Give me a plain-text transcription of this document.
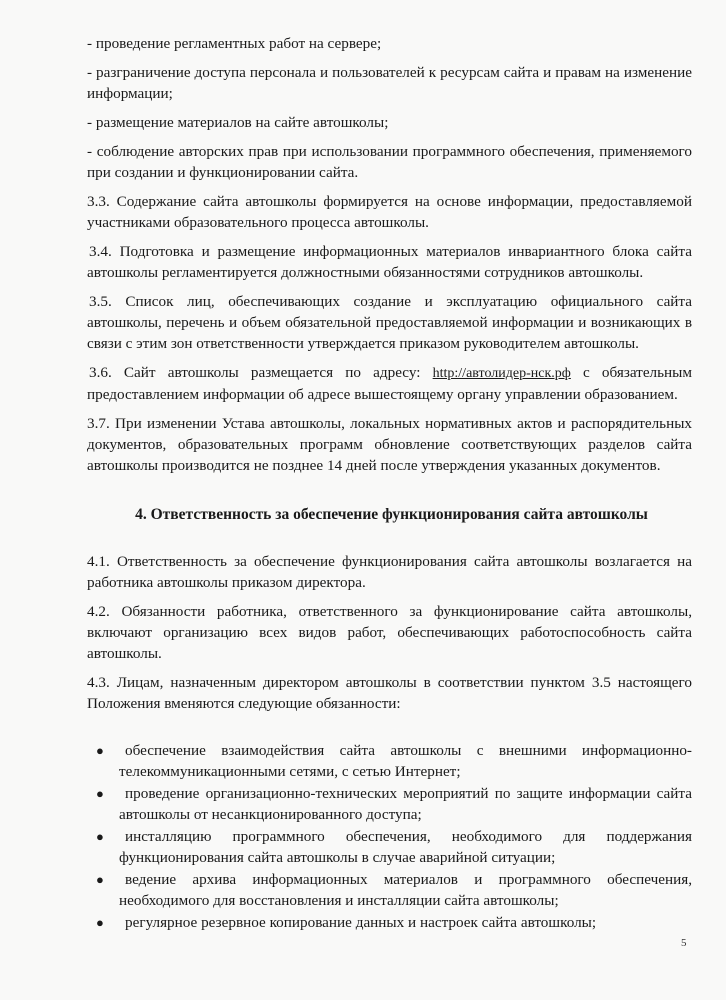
- проведение регламентных работ на сервере;

- разграничение доступа персонала и пользователей к ресурсам сайта и правам на изменение информации;

- размещение материалов на сайте автошколы;

- соблюдение авторских прав при использовании программного обеспечения, применяемого при создании и функционировании сайта.

3.3. Содержание сайта автошколы формируется на основе информации, предоставляемой участниками образовательного процесса автошколы.

3.4. Подготовка и размещение информационных материалов инвариантного блока сайта автошколы регламентируется должностными обязанностями сотрудников автошколы.

3.5. Список лиц, обеспечивающих создание и эксплуатацию официального сайта автошколы, перечень и объем обязательной предоставляемой информации и возникающих в связи с этим зон ответственности утверждается приказом руководителем автошколы.

3.6. Сайт автошколы размещается по адресу: http://автолидер-нск.рф с обязательным предоставлением информации об адресе вышестоящему органу управлении образованием.

3.7. При изменении Устава автошколы, локальных нормативных актов и распорядительных документов, образовательных программ обновление соответствующих разделов сайта автошколы производится не позднее 14 дней после утверждения указанных документов.

4. Ответственность за обеспечение функционирования сайта автошколы

4.1. Ответственность за обеспечение функционирования сайта автошколы возлагается на работника автошколы приказом директора.

4.2. Обязанности работника, ответственного за функционирование сайта автошколы, включают организацию всех видов работ, обеспечивающих работоспособность сайта автошколы.

4.3. Лицам, назначенным директором автошколы в соответствии пунктом 3.5 настоящего Положения вменяются следующие обязанности:

● обеспечение взаимодействия сайта автошколы с внешними информационно-телекоммуникационными сетями, с сетью Интернет;
● проведение организационно-технических мероприятий по защите информации сайта автошколы от несанкционированного доступа;
● инсталляцию программного обеспечения, необходимого для поддержания функционирования сайта автошколы в случае аварийной ситуации;
● ведение архива информационных материалов и программного обеспечения, необходимого для восстановления и инсталляции сайта автошколы;
● регулярное резервное копирование данных и настроек сайта автошколы;
5
